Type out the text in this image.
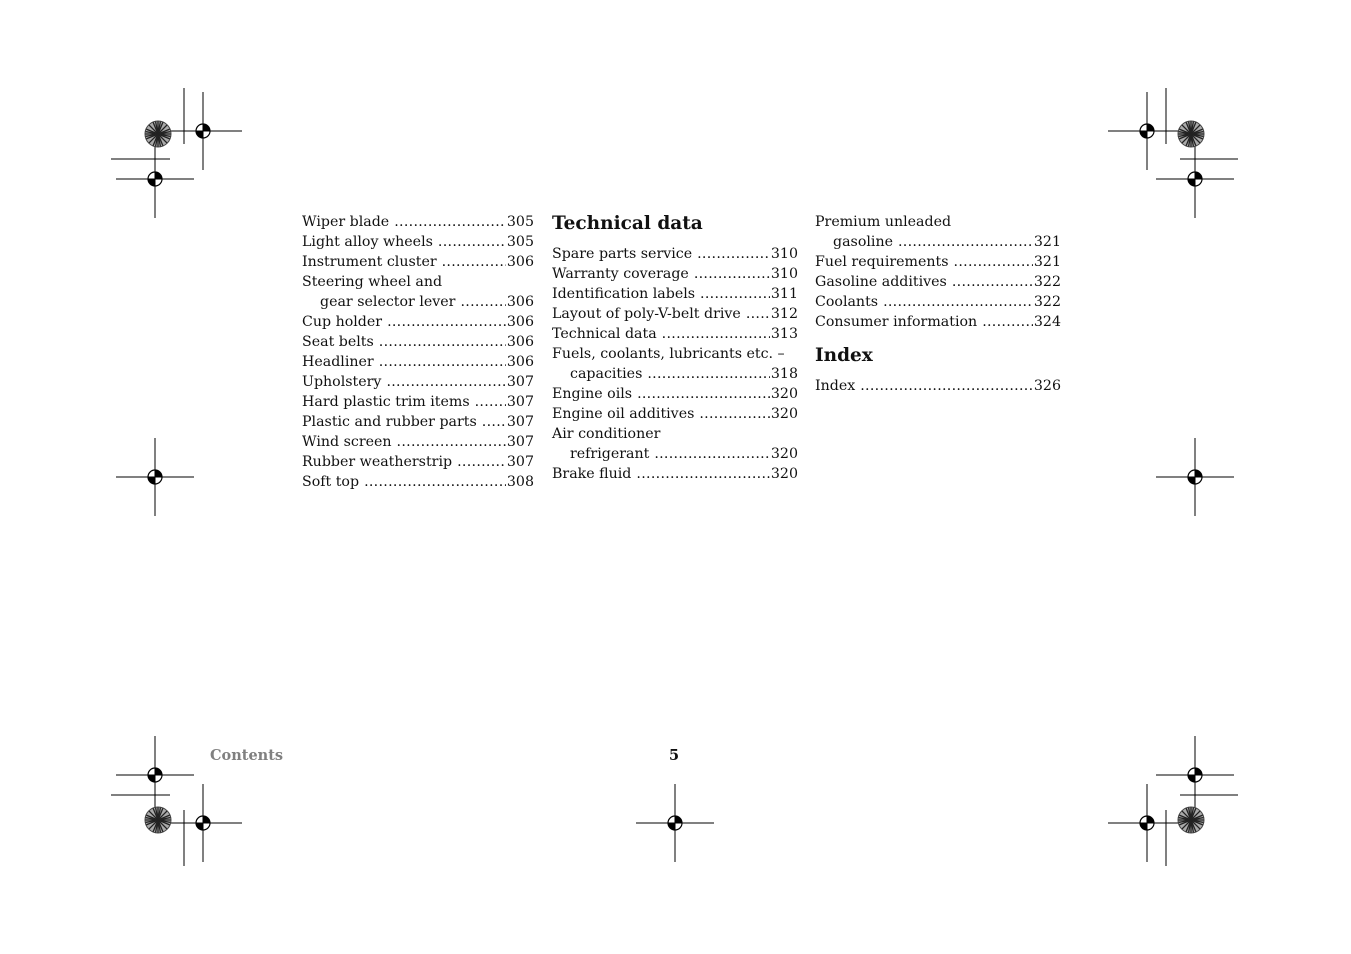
Wiper blade .....	305
Light alloy wheels .....	305
Instrument cluster .....	306
Steering wheel and
gear selector lever .....	306
Cup holder .....	306
Seat belts .....	306
Headliner .....	306
Upholstery .....	307
Hard plastic trim items .....	307
Plastic and rubber parts ..... 307
Wind screen .....	307
Rubber weatherstrip .....	307
Soft top .....	308
Technical data
Spare parts service .....	310
Warranty coverage .....	310
Identification labels .....	311
Layout of poly-V-belt drive ..... 312
Technical data .....	313
Fuels, coolants, lubricants etc. –
capacities .....	318
Engine oils .....	320
Engine oil additives .....	320
Air conditioner
refrigerant .....	320
Brake fluid .....	320
Premium unleaded
gasoline .....	321
Fuel requirements .....	321
Gasoline additives .....	322
Coolants .....	322
Consumer information .....	324
Index
Index .....	326
Contents	5
